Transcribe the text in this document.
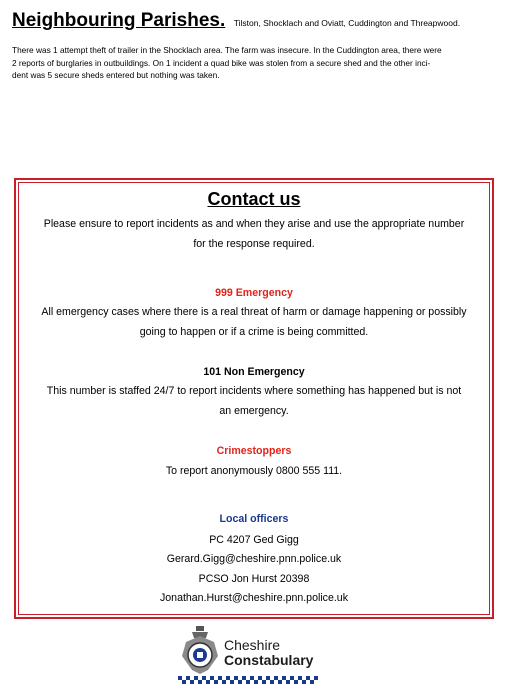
Neighbouring Parishes. Tilston, Shocklach and Oviatt, Cuddington and Threapwood.
There was 1 attempt theft of trailer in the Shocklach area. The farm was insecure. In the Cuddington area, there were
2 reports of burglaries in outbuildings. On 1 incident a quad bike was stolen from a secure shed and the other inci-
dent was 5 secure sheds entered but nothing was taken.
Contact us
Please ensure to report incidents as and when they arise and use the appropriate number
for the response required.
999 Emergency
All emergency cases where there is a real threat of harm or damage happening or possibly
going to happen or if a crime is being committed.
101 Non Emergency
This number is staffed 24/7 to report incidents where something has happened but is not
an emergency.
Crimestoppers
To report anonymously 0800 555 111.
Local officers
PC 4207 Ged Gigg
Gerard.Gigg@cheshire.pnn.police.uk
PCSO Jon Hurst 20398
Jonathan.Hurst@cheshire.pnn.police.uk
Cheshire
Constabulary
